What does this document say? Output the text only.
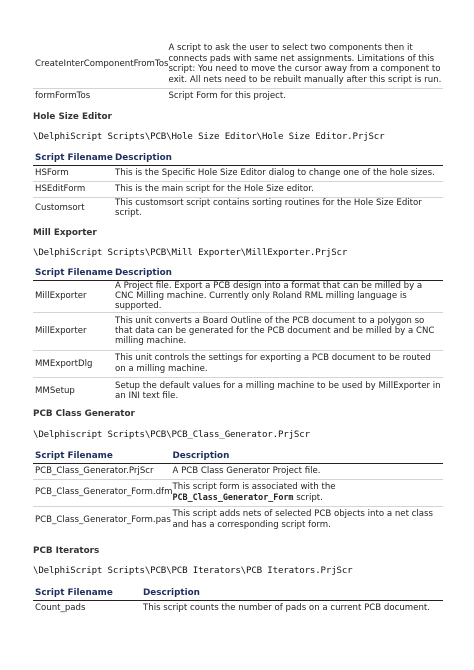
CreateInterComponentFromTos	A script to ask the user to select two components then it connects pads with same net assignments. Limitations of this script: You need to move the cursor away from a component to exit. All nets need to be rebuilt manually after this script is run.
formFormTos	Script Form for this project.
Hole Size Editor
\DelphiScript Scripts\PCB\Hole Size Editor\Hole Size Editor.PrjScr
Script Filename	Description
HSForm	This is the Specific Hole Size Editor dialog to change one of the hole sizes.
HSEditForm	This is the main script for the Hole Size editor.
Customsort	This customsort script contains sorting routines for the Hole Size Editor script.
Mill Exporter
\DelphiScript Scripts\PCB\Mill Exporter\MillExporter.PrjScr
Script Filename	Description
MillExporter	A Project file. Export a PCB design into a format that can be milled by a CNC Milling machine. Currently only Roland RML milling language is supported.
MillExporter	This unit converts a Board Outline of the PCB document to a polygon so that data can be generated for the PCB document and be milled by a CNC milling machine.
MMExportDlg	This unit controls the settings for exporting a PCB document to be routed on a milling machine.
MMSetup	Setup the default values for a milling machine to be used by MillExporter in an INI text file.
PCB Class Generator
\Delphiscript Scripts\PCB\PCB_Class_Generator.PrjScr
Script Filename	Description
PCB_Class_Generator.PrjScr	A PCB Class Generator Project file.
PCB_Class_Generator_Form.dfm	This script form is associated with the
PCB_Class_Generator_Form script.
PCB_Class_Generator_Form.pas	This script adds nets of selected PCB objects into a net class and has a corresponding script form.
PCB Iterators
\DelphiScript Scripts\PCB\PCB Iterators\PCB Iterators.PrjScr
Script Filename	Description
Count_pads	This script counts the number of pads on a current PCB document.
